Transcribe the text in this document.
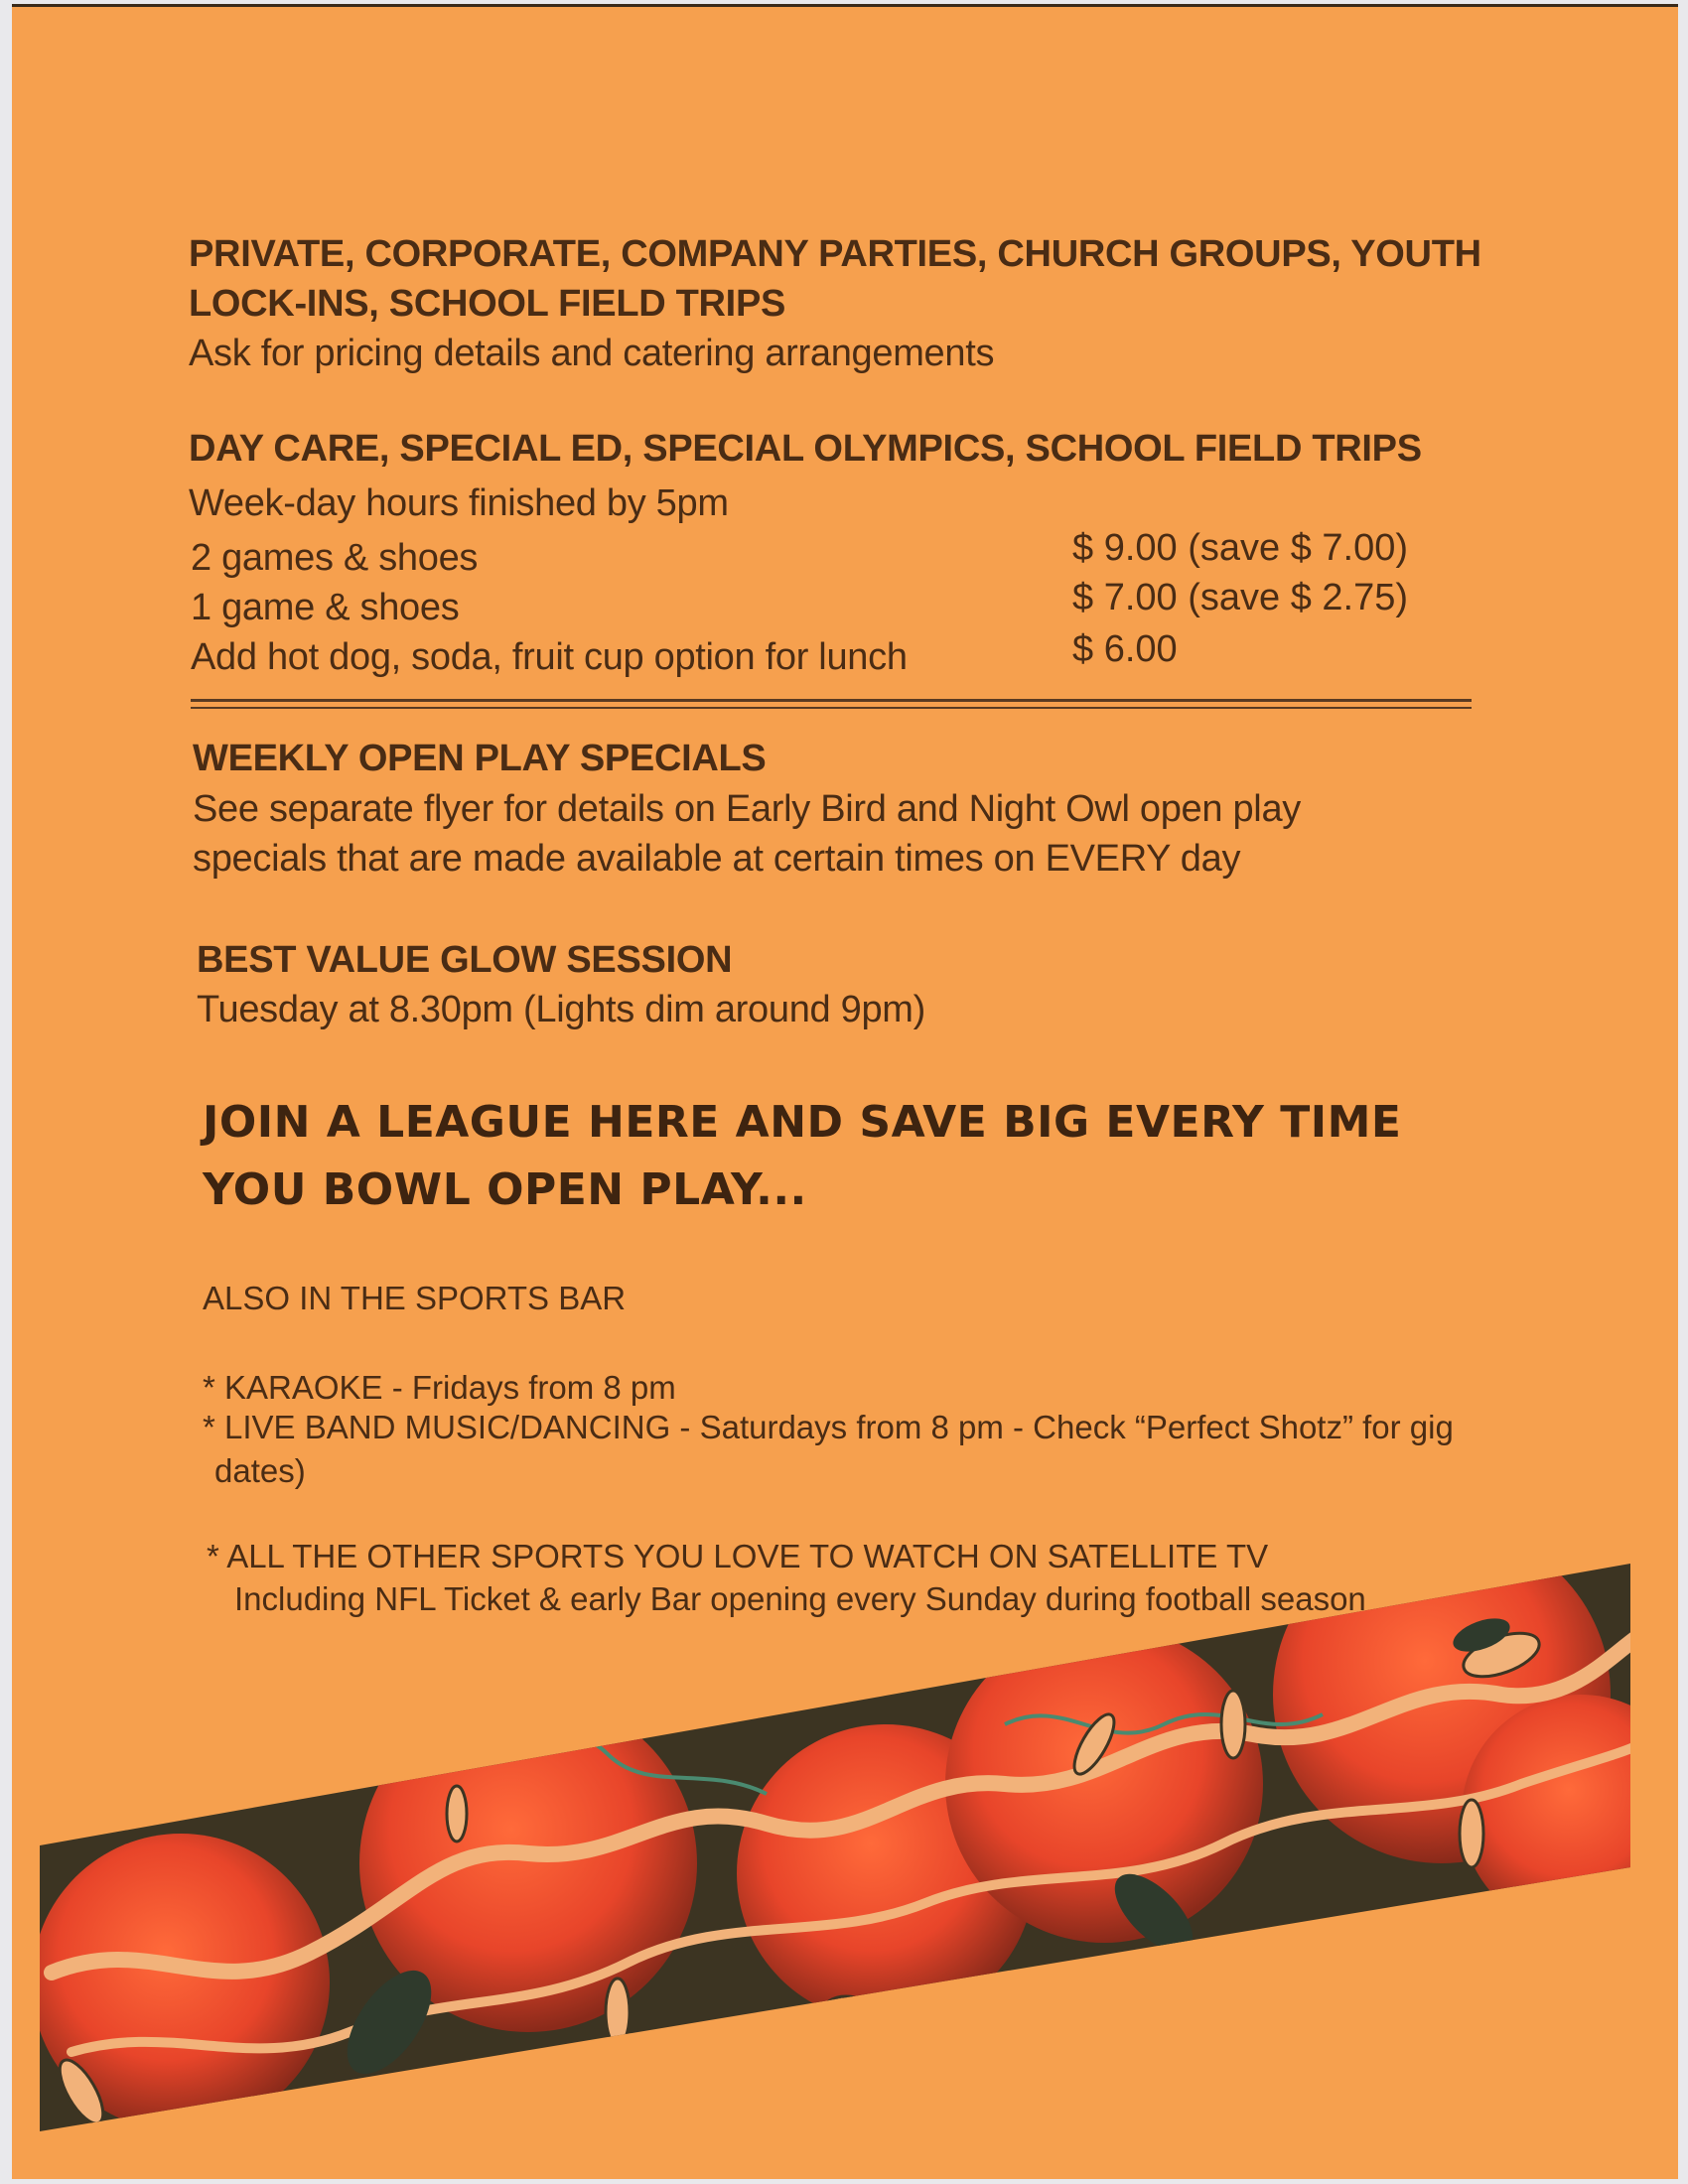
PRIVATE, CORPORATE, COMPANY PARTIES, CHURCH GROUPS, YOUTH
LOCK-INS, SCHOOL FIELD TRIPS
Ask for pricing details and catering arrangements
DAY CARE, SPECIAL ED, SPECIAL OLYMPICS, SCHOOL FIELD TRIPS
Week-day hours finished by 5pm
2 games & shoes	$ 9.00 (save $ 7.00)
1 game & shoes	$ 7.00 (save $ 2.75)
Add hot dog, soda, fruit cup option for lunch	$ 6.00
WEEKLY OPEN PLAY SPECIALS
See separate flyer for details on Early Bird and Night Owl open play
specials that are made available at certain times on EVERY day
BEST VALUE GLOW SESSION
Tuesday at 8.30pm (Lights dim around 9pm)
JOIN A LEAGUE HERE AND SAVE BIG EVERY TIME
YOU BOWL OPEN PLAY...
ALSO IN THE SPORTS BAR
* KARAOKE - Fridays from 8 pm
* LIVE BAND MUSIC/DANCING - Saturdays from 8 pm - Check “Perfect Shotz” for gig
dates)
* ALL THE OTHER SPORTS YOU LOVE TO WATCH ON SATELLITE TV
Including NFL Ticket & early Bar opening every Sunday during football season
